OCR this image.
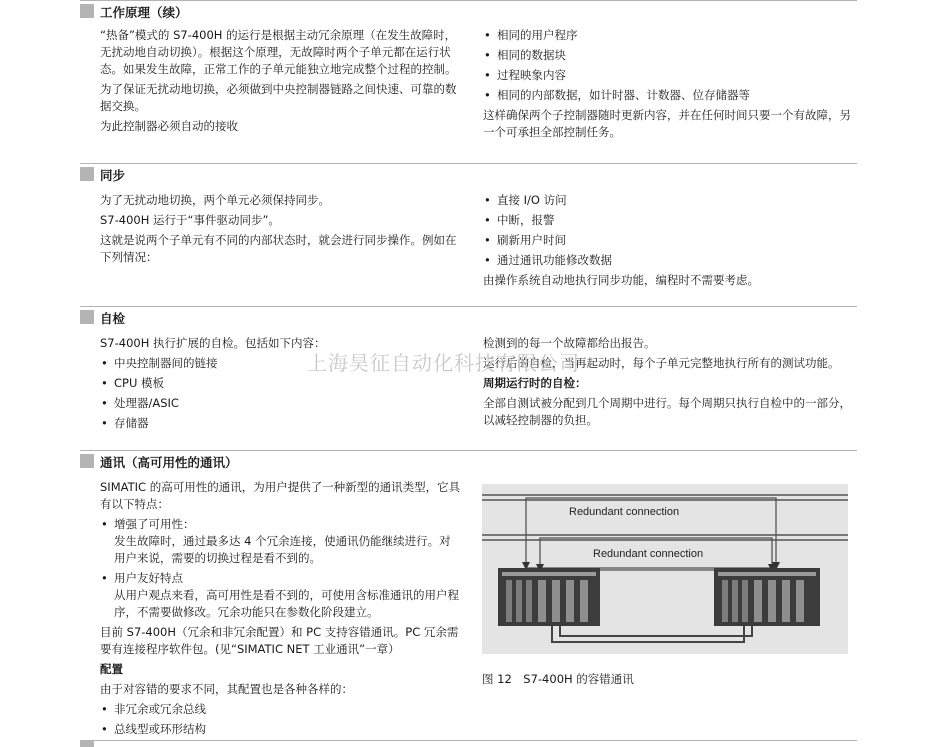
工作原理（续）

“热备”模式的 S7-400H 的运行是根据主动冗余原理（在发生故障时，无扰动地自动切换）。根据这个原理，无故障时两个子单元都在运行状态。如果发生故障，正常工作的子单元能独立地完成整个过程的控制。

为了保证无扰动地切换，必须做到中央控制器链路之间快速、可靠的数据交换。

为此控制器必须自动的接收

• 相同的用户程序
• 相同的数据块
• 过程映象内容
• 相同的内部数据，如计时器、计数器、位存储器等

这样确保两个子控制器随时更新内容，并在任何时间只要一个有故障，另一个可承担全部控制任务。

同步

为了无扰动地切换，两个单元必须保持同步。

S7-400H 运行于“事件驱动同步”。

这就是说两个子单元有不同的内部状态时，就会进行同步操作。例如在下列情况：

• 直接 I/O 访问
• 中断，报警
• 刷新用户时间
• 通过通讯功能修改数据

由操作系统自动地执行同步功能，编程时不需要考虑。

自检

S7-400H 执行扩展的自检。包括如下内容：

• 中央控制器间的链接
• CPU 模板
• 处理器/ASIC
• 存储器

检测到的每一个故障都给出报告。

运行后的自检，当再起动时，每个子单元完整地执行所有的测试功能。

周期运行时的自检：

全部自测试被分配到几个周期中进行。每个周期只执行自检中的一部分，以减轻控制器的负担。

上海昊征自动化科技有限公司
通讯（高可用性的通讯）

SIMATIC 的高可用性的通讯，为用户提供了一种新型的通讯类型，它具有以下特点：

• 增强了可用性：
发生故障时，通过最多达 4 个冗余连接，使通讯仍能继续进行。对用户来说，需要的切换过程是看不到的。
• 用户友好特点
从用户观点来看，高可用性是看不到的，可使用含标准通讯的用户程序，不需要做修改。冗余功能只在参数化阶段建立。

目前 S7-400H（冗余和非冗余配置）和 PC 支持容错通讯。PC 冗余需要有连接程序软件包。(见“SIMATIC NET 工业通讯”一章）

配置

由于对容错的要求不同，其配置也是各种各样的：

• 非冗余或冗余总线
• 总线型或环形结构
Redundant connection
Redundant connection
图 12　S7-400H 的容错通讯
